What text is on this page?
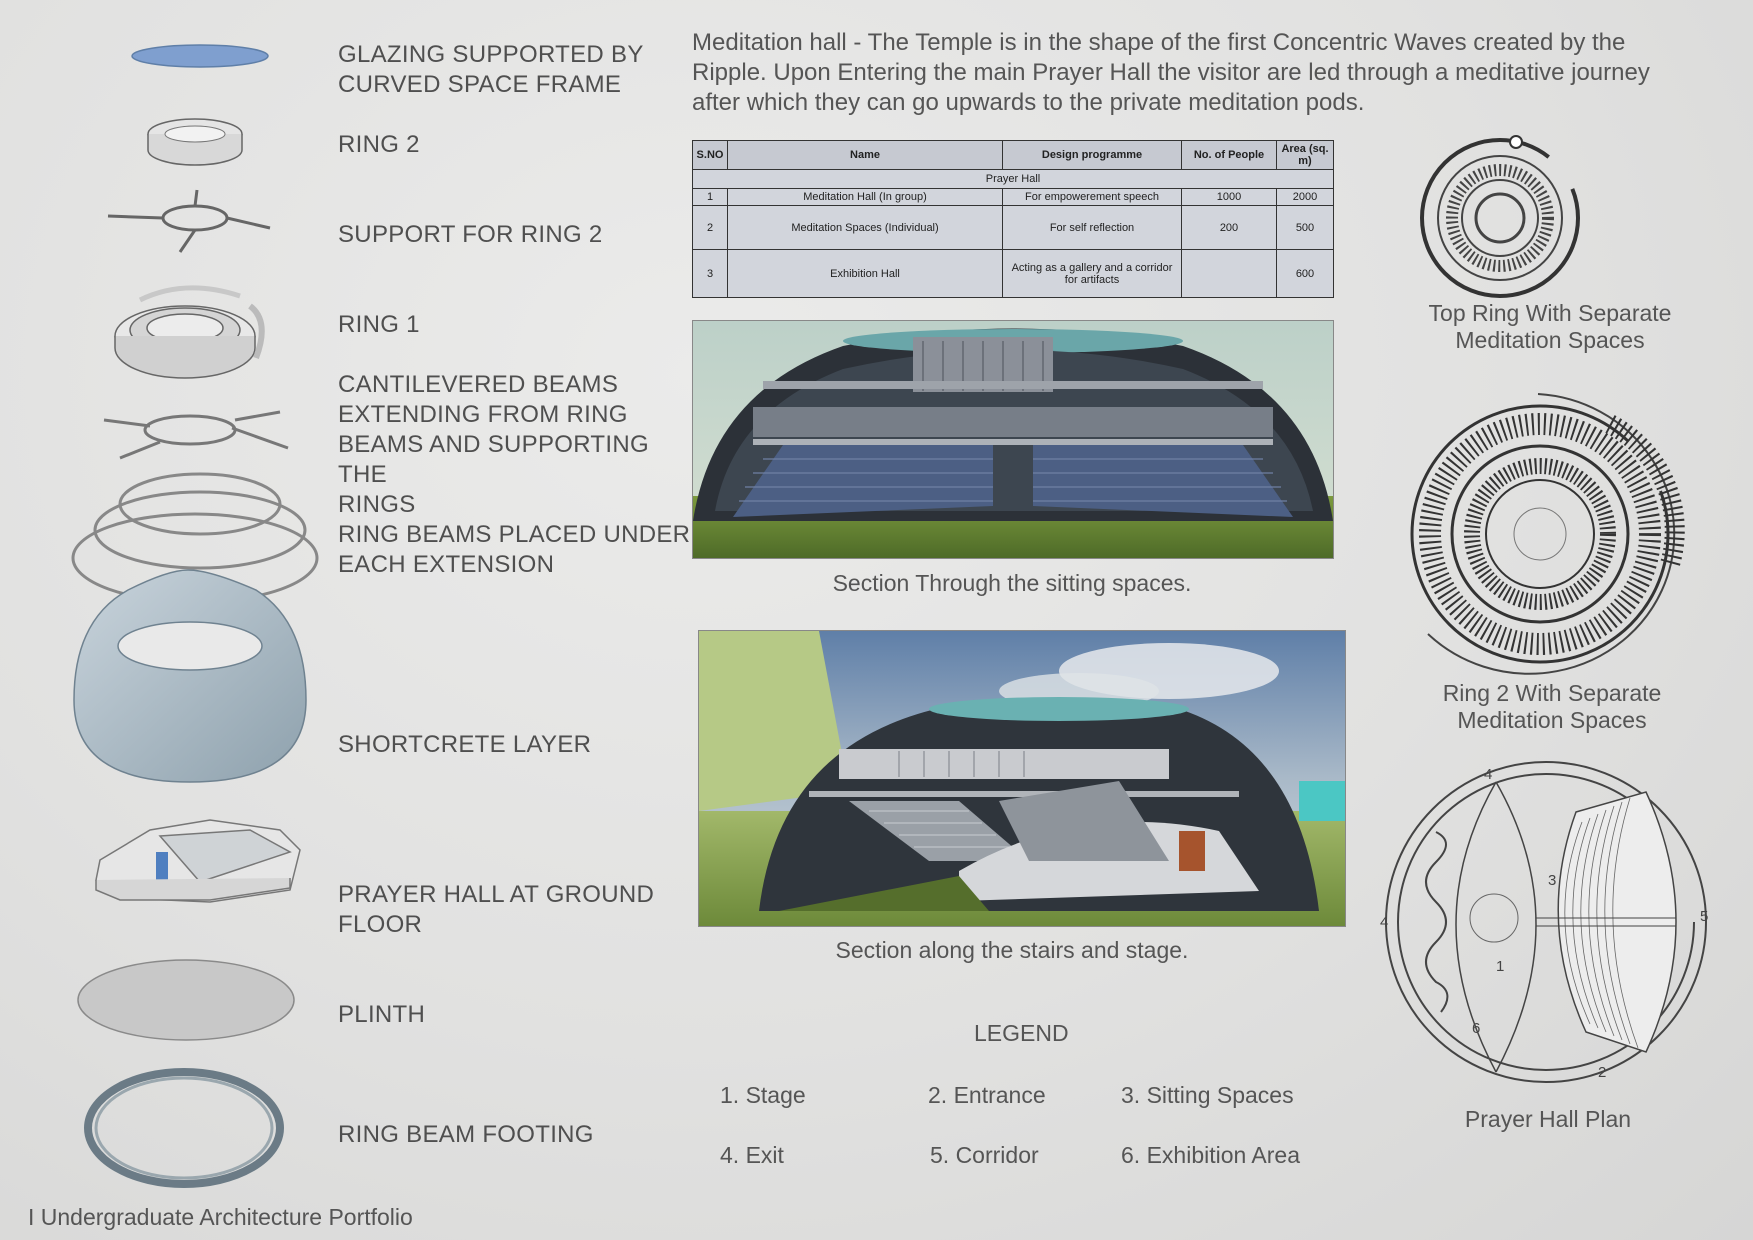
GLAZING SUPPORTED BY
CURVED SPACE FRAME
RING 2
SUPPORT FOR RING 2
RING 1
CANTILEVERED BEAMS
EXTENDING FROM RING
BEAMS AND SUPPORTING THE
RINGS
RING BEAMS PLACED UNDER
EACH EXTENSION
SHORTCRETE LAYER
PRAYER HALL AT GROUND
FLOOR
PLINTH
RING BEAM FOOTING
Meditation hall - The Temple is in the shape of the first Concentric Waves created by the
Ripple. Upon Entering the main Prayer Hall the visitor are led through a meditative journey
after which they can go upwards to the private meditation pods.
S.NO	Name	Design programme	No. of People	Area (sq. m)
Prayer Hall				
1	Meditation Hall (In group)	For empowerement speech	1000	2000
2	Meditation Spaces (Individual)	For self reflection	200	500
3	Exhibition Hall	Acting as a gallery and a corridor for artifacts		600
Section Through the sitting spaces.
Section along the stairs and stage.
LEGEND
1. Stage	2. Entrance	3. Sitting Spaces
4. Exit	5. Corridor	6. Exhibition Area
Top Ring With Separate
Meditation Spaces
Ring 2 With Separate
Meditation Spaces
4
3
4	5
1
6
2
Prayer Hall Plan
I Undergraduate Architecture Portfolio
